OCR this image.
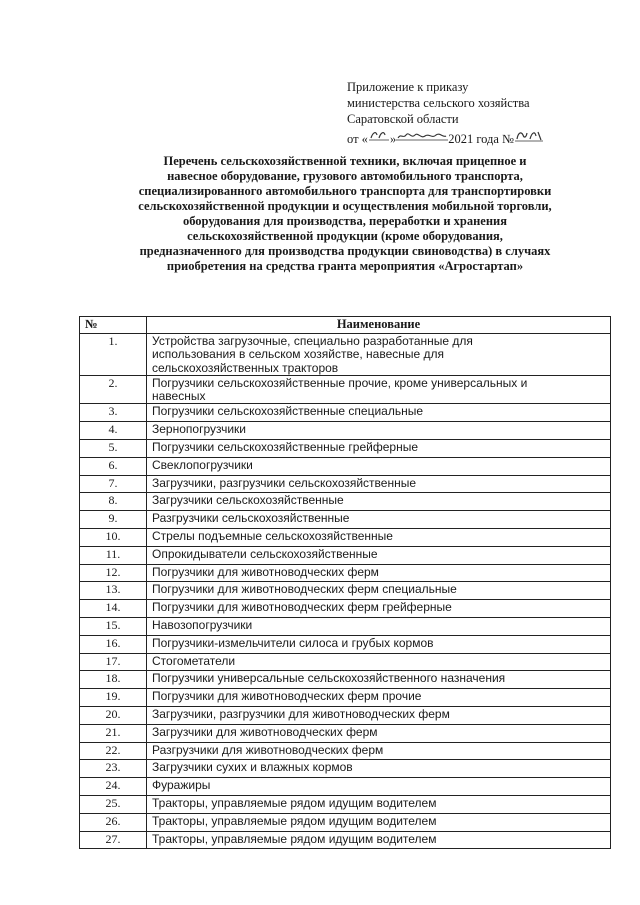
Приложение к приказу
министерства сельского хозяйства
Саратовской области
от « »	2021 года №
Перечень сельскохозяйственной техники, включая прицепное и
навесное оборудование, грузового автомобильного транспорта,
специализированного автомобильного транспорта для транспортировки
сельскохозяйственной продукции и осуществления мобильной торговли,
оборудования для производства, переработки и хранения
сельскохозяйственной продукции (кроме оборудования,
предназначенного для производства продукции свиноводства) в случаях
приобретения на средства гранта мероприятия «Агростартап»
№	Наименование
1.	Устройства загрузочные, специально разработанные для
использования в сельском хозяйстве, навесные для
сельскохозяйственных тракторов

2.	Погрузчики сельскохозяйственные прочие, кроме универсальных и
навесных

3.	Погрузчики сельскохозяйственные специальные

4.	Зернопогрузчики

5.	Погрузчики сельскохозяйственные грейферные

6.	Свеклопогрузчики

7.	Загрузчики, разгрузчики сельскохозяйственные

8.	Загрузчики сельскохозяйственные

9.	Разгрузчики сельскохозяйственные

10.	Стрелы подъемные сельскохозяйственные

11.	Опрокидыватели сельскохозяйственные

12.	Погрузчики для животноводческих ферм

13.	Погрузчики для животноводческих ферм специальные

14.	Погрузчики для животноводческих ферм грейферные

15.	Навозопогрузчики

16.	Погрузчики-измельчители силоса и грубых кормов

17.	Стогометатели

18.	Погрузчики универсальные сельскохозяйственного назначения

19.	Погрузчики для животноводческих ферм прочие

20.	Загрузчики, разгрузчики для животноводческих ферм

21.	Загрузчики для животноводческих ферм

22.	Разгрузчики для животноводческих ферм

23.	Загрузчики сухих и влажных кормов

24.	Фуражиры

25.	Тракторы, управляемые рядом идущим водителем

26.	Тракторы, управляемые рядом идущим водителем

27.	Тракторы, управляемые рядом идущим водителем
